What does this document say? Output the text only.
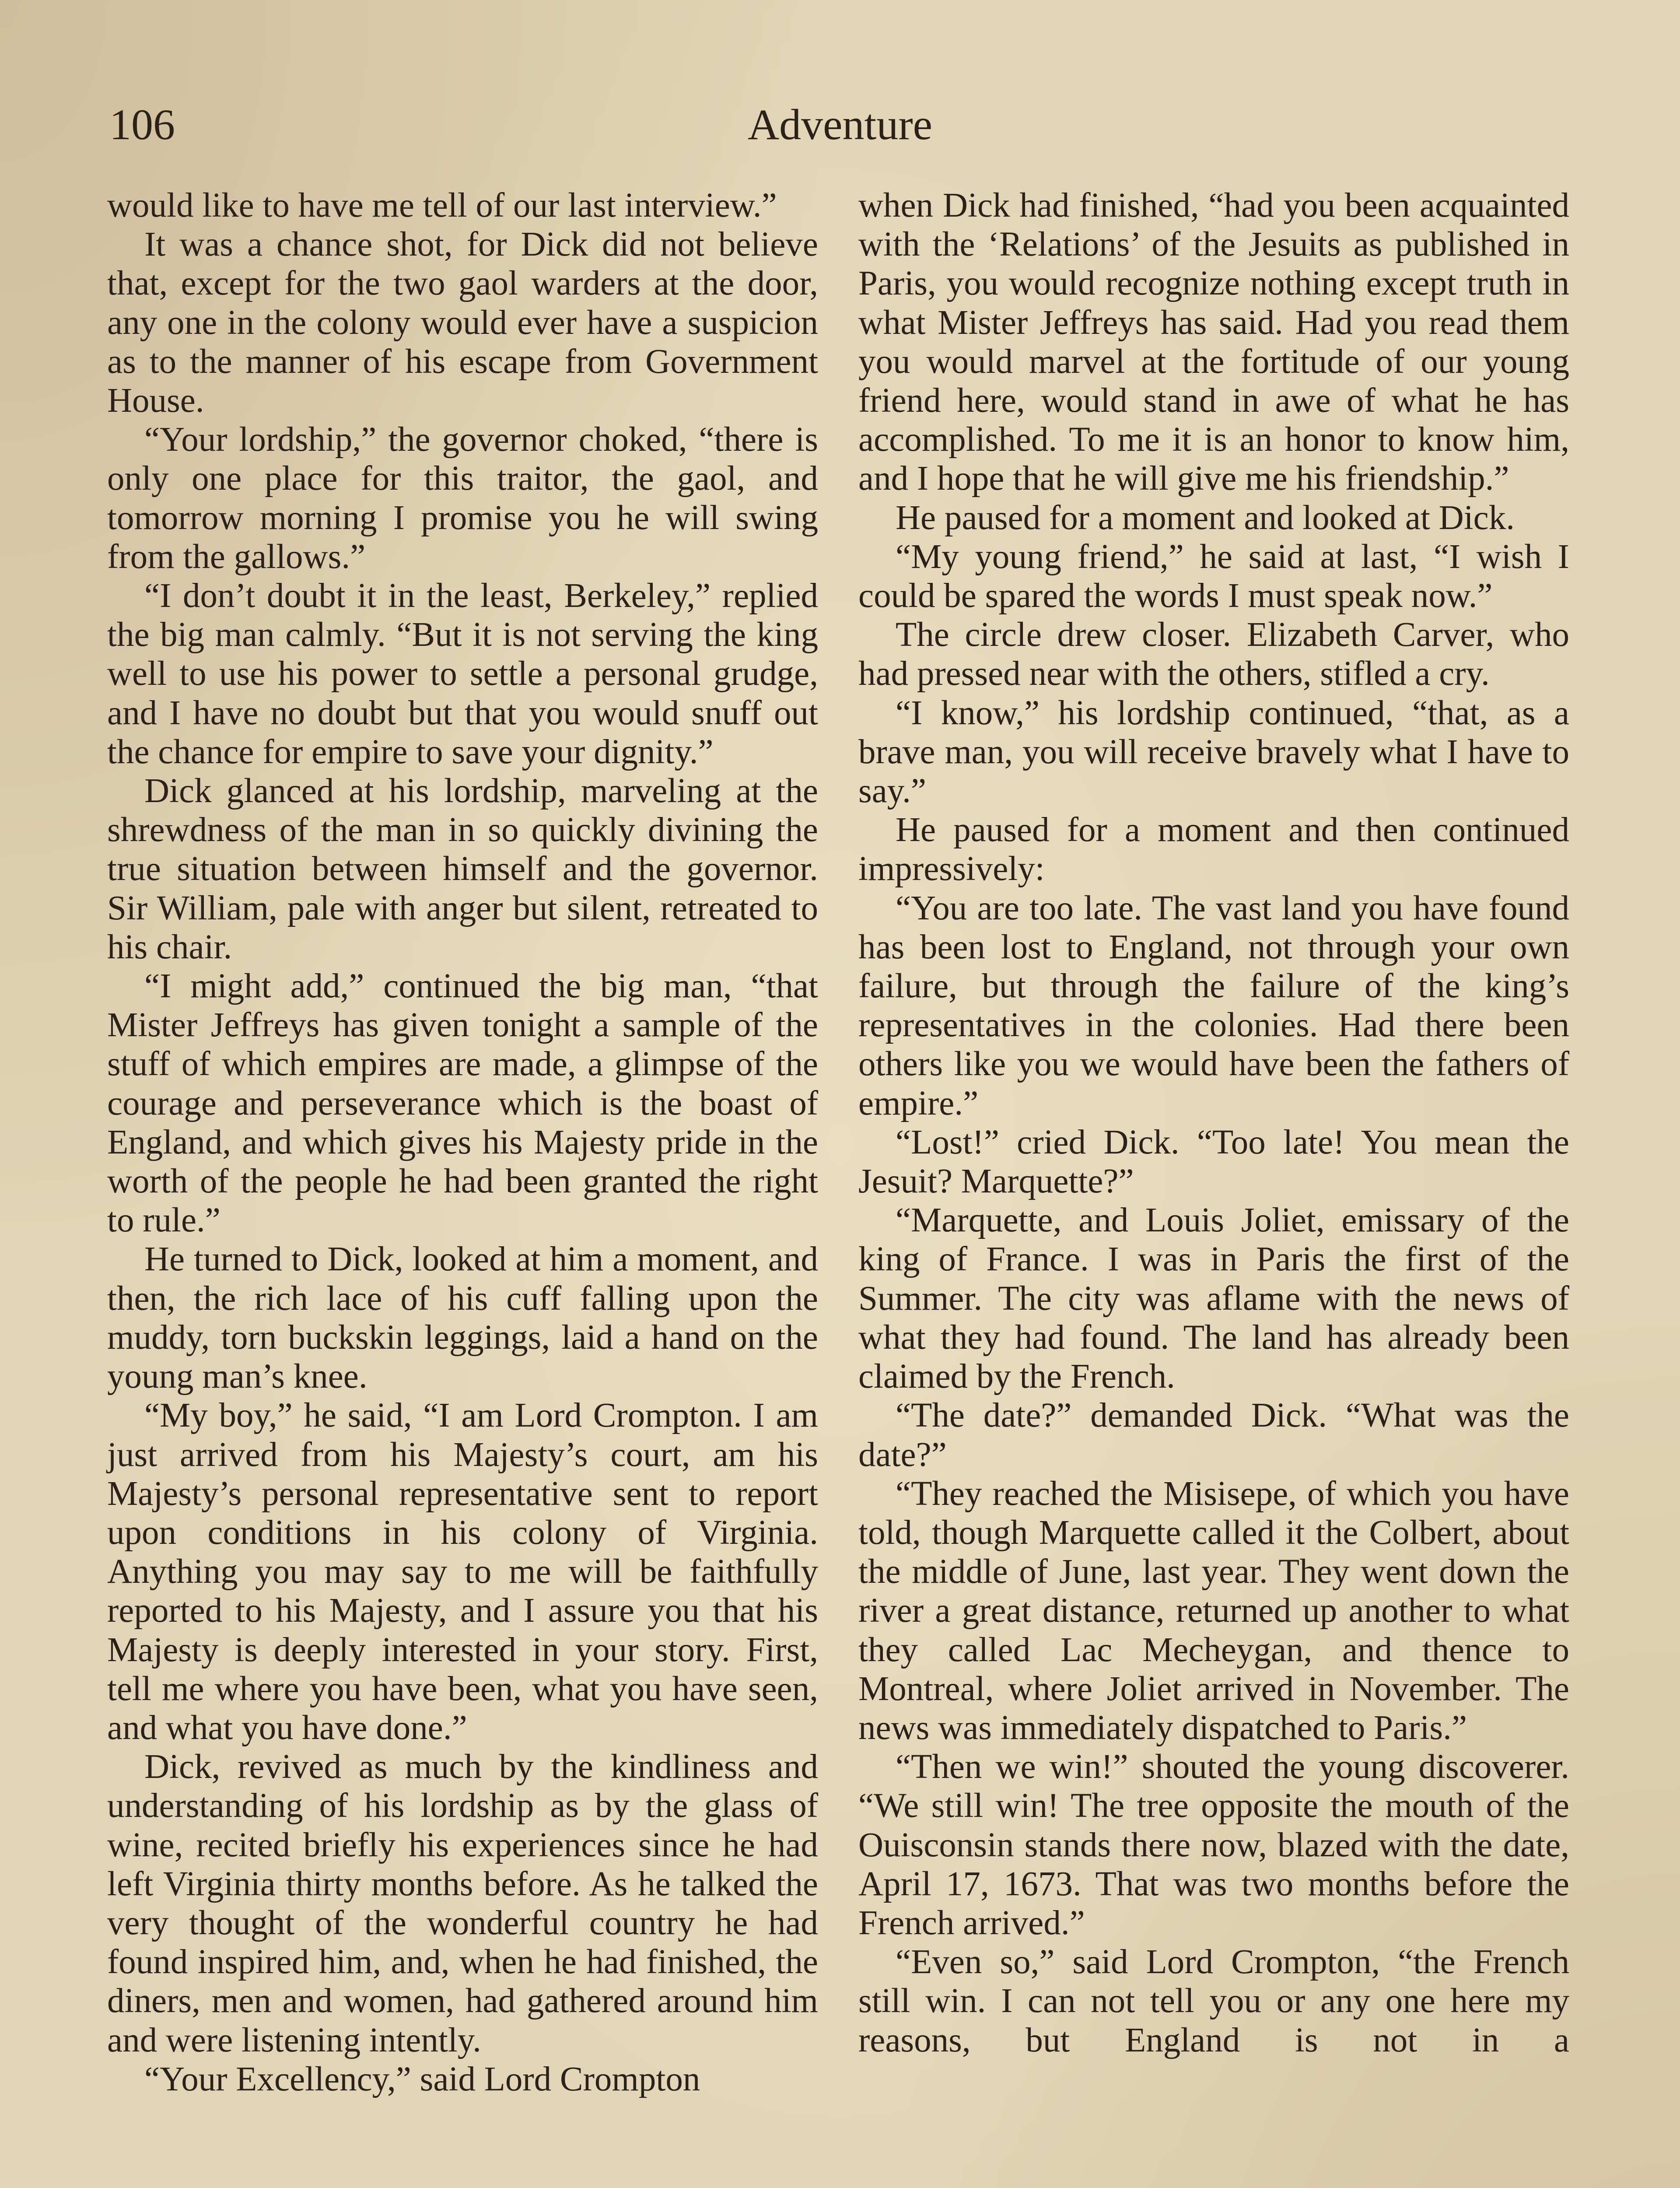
106	Adventure

would like to have me tell of our last interview.”

It was a chance shot, for Dick did not believe that, except for the two gaol warders at the door, any one in the colony would ever have a suspicion as to the manner of his escape from Government House.

“Your lordship,” the governor choked, “there is only one place for this traitor, the gaol, and tomorrow morning I promise you he will swing from the gallows.”

“I don’t doubt it in the least, Berkeley,” replied the big man calmly. “But it is not serving the king well to use his power to settle a personal grudge, and I have no doubt but that you would snuff out the chance for empire to save your dignity.”

Dick glanced at his lordship, marveling at the shrewdness of the man in so quickly divining the true situation between himself and the governor. Sir William, pale with anger but silent, retreated to his chair.

“I might add,” continued the big man, “that Mister Jeffreys has given tonight a sample of the stuff of which empires are made, a glimpse of the courage and perseverance which is the boast of England, and which gives his Majesty pride in the worth of the people he had been granted the right to rule.”

He turned to Dick, looked at him a moment, and then, the rich lace of his cuff falling upon the muddy, torn buckskin leggings, laid a hand on the young man’s knee.

“My boy,” he said, “I am Lord Crompton. I am just arrived from his Majesty’s court, am his Majesty’s personal representative sent to report upon conditions in his colony of Virginia. Anything you may say to me will be faithfully reported to his Majesty, and I assure you that his Majesty is deeply interested in your story. First, tell me where you have been, what you have seen, and what you have done.”

Dick, revived as much by the kindliness and understanding of his lordship as by the glass of wine, recited briefly his experiences since he had left Virginia thirty months before. As he talked the very thought of the wonderful country he had found inspired him, and, when he had finished, the diners, men and women, had gathered around him and were listening intently.

“Your Excellency,” said Lord Crompton

when Dick had finished, “had you been acquainted with the ‘Relations’ of the Jesuits as published in Paris, you would recognize nothing except truth in what Mister Jeffreys has said. Had you read them you would marvel at the fortitude of our young friend here, would stand in awe of what he has accomplished. To me it is an honor to know him, and I hope that he will give me his friendship.”

He paused for a moment and looked at Dick.

“My young friend,” he said at last, “I wish I could be spared the words I must speak now.”

The circle drew closer. Elizabeth Carver, who had pressed near with the others, stifled a cry.

“I know,” his lordship continued, “that, as a brave man, you will receive bravely what I have to say.”

He paused for a moment and then continued impressively:

“You are too late. The vast land you have found has been lost to England, not through your own failure, but through the failure of the king’s representatives in the colonies. Had there been others like you we would have been the fathers of empire.”

“Lost!” cried Dick. “Too late! You mean the Jesuit? Marquette?”

“Marquette, and Louis Joliet, emissary of the king of France. I was in Paris the first of the Summer. The city was aflame with the news of what they had found. The land has already been claimed by the French.

“The date?” demanded Dick. “What was the date?”

“They reached the Misisepe, of which you have told, though Marquette called it the Colbert, about the middle of June, last year. They went down the river a great distance, returned up another to what they called Lac Mecheygan, and thence to Montreal, where Joliet arrived in November. The news was immediately dispatched to Paris.”

“Then we win!” shouted the young discoverer. “We still win! The tree opposite the mouth of the Ouisconsin stands there now, blazed with the date, April 17, 1673. That was two months before the French arrived.”

“Even so,” said Lord Crompton, “the French still win. I can not tell you or any one here my reasons, but England is not in a
